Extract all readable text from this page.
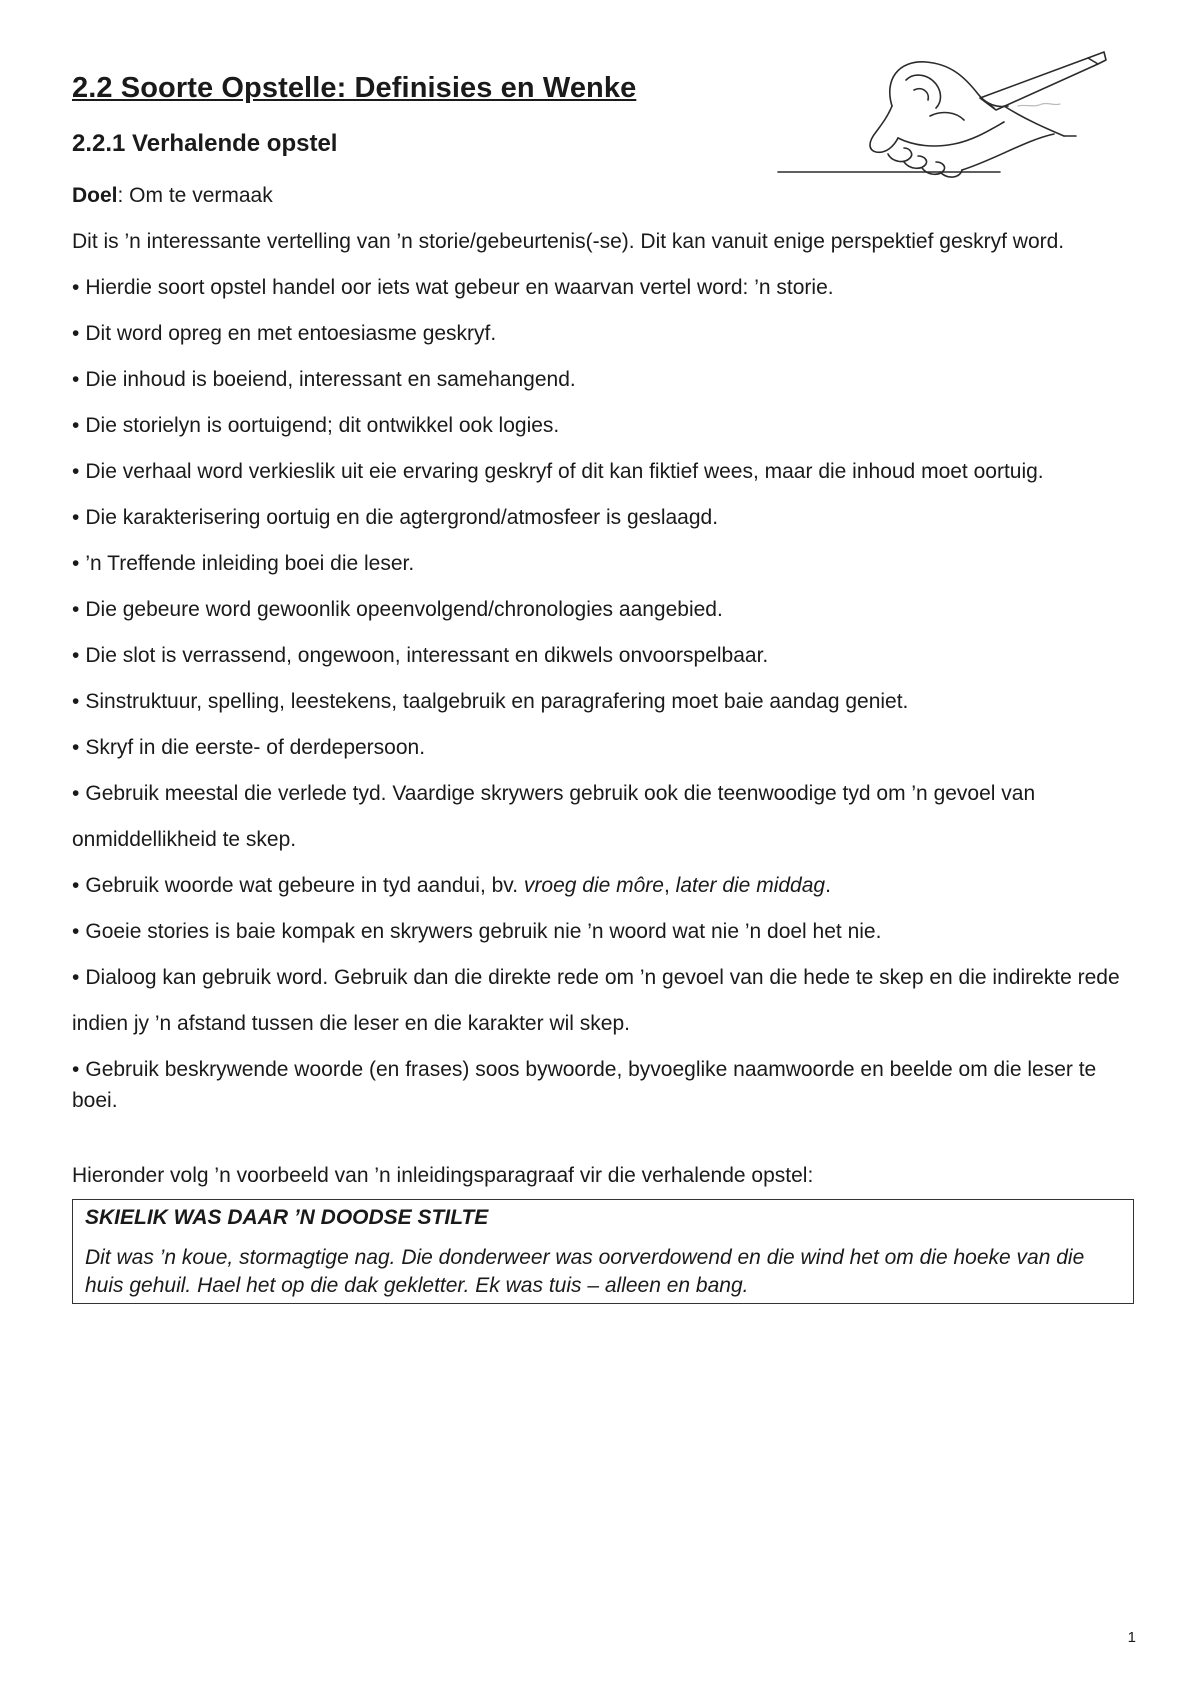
2.2 Soorte Opstelle: Definisies en Wenke
2.2.1 Verhalende opstel

Doel: Om te vermaak

Dit is ’n interessante vertelling van ’n storie/gebeurtenis(-se). Dit kan vanuit enige perspektief geskryf word.

• Hierdie soort opstel handel oor iets wat gebeur en waarvan vertel word: ’n storie.

• Dit word opreg en met entoesiasme geskryf.

• Die inhoud is boeiend, interessant en samehangend.

• Die storielyn is oortuigend; dit ontwikkel ook logies.

• Die verhaal word verkieslik uit eie ervaring geskryf of dit kan fiktief wees, maar die inhoud moet oortuig.

• Die karakterisering oortuig en die agtergrond/atmosfeer is geslaagd.

• ’n Treffende inleiding boei die leser.

• Die gebeure word gewoonlik opeenvolgend/chronologies aangebied.

• Die slot is verrassend, ongewoon, interessant en dikwels onvoorspelbaar.

• Sinstruktuur, spelling, leestekens, taalgebruik en paragrafering moet baie aandag geniet.

• Skryf in die eerste- of derdepersoon.

• Gebruik meestal die verlede tyd. Vaardige skrywers gebruik ook die teenwoodige tyd om ’n gevoel van

onmiddellikheid te skep.

• Gebruik woorde wat gebeure in tyd aandui, bv. vroeg die môre, later die middag.

• Goeie stories is baie kompak en skrywers gebruik nie ’n woord wat nie ’n doel het nie.

• Dialoog kan gebruik word. Gebruik dan die direkte rede om ’n gevoel van die hede te skep en die indirekte rede

indien jy ’n afstand tussen die leser en die karakter wil skep.

• Gebruik beskrywende woorde (en frases) soos bywoorde, byvoeglike naamwoorde en beelde om die leser te boei.

Hieronder volg ’n voorbeeld van ’n inleidingsparagraaf vir die verhalende opstel:

SKIELIK WAS DAAR ’N DOODSE STILTE

Dit was ’n koue, stormagtige nag. Die donderweer was oorverdowend en die wind het om die hoeke van die huis gehuil. Hael het op die dak gekletter. Ek was tuis – alleen en bang.

1
